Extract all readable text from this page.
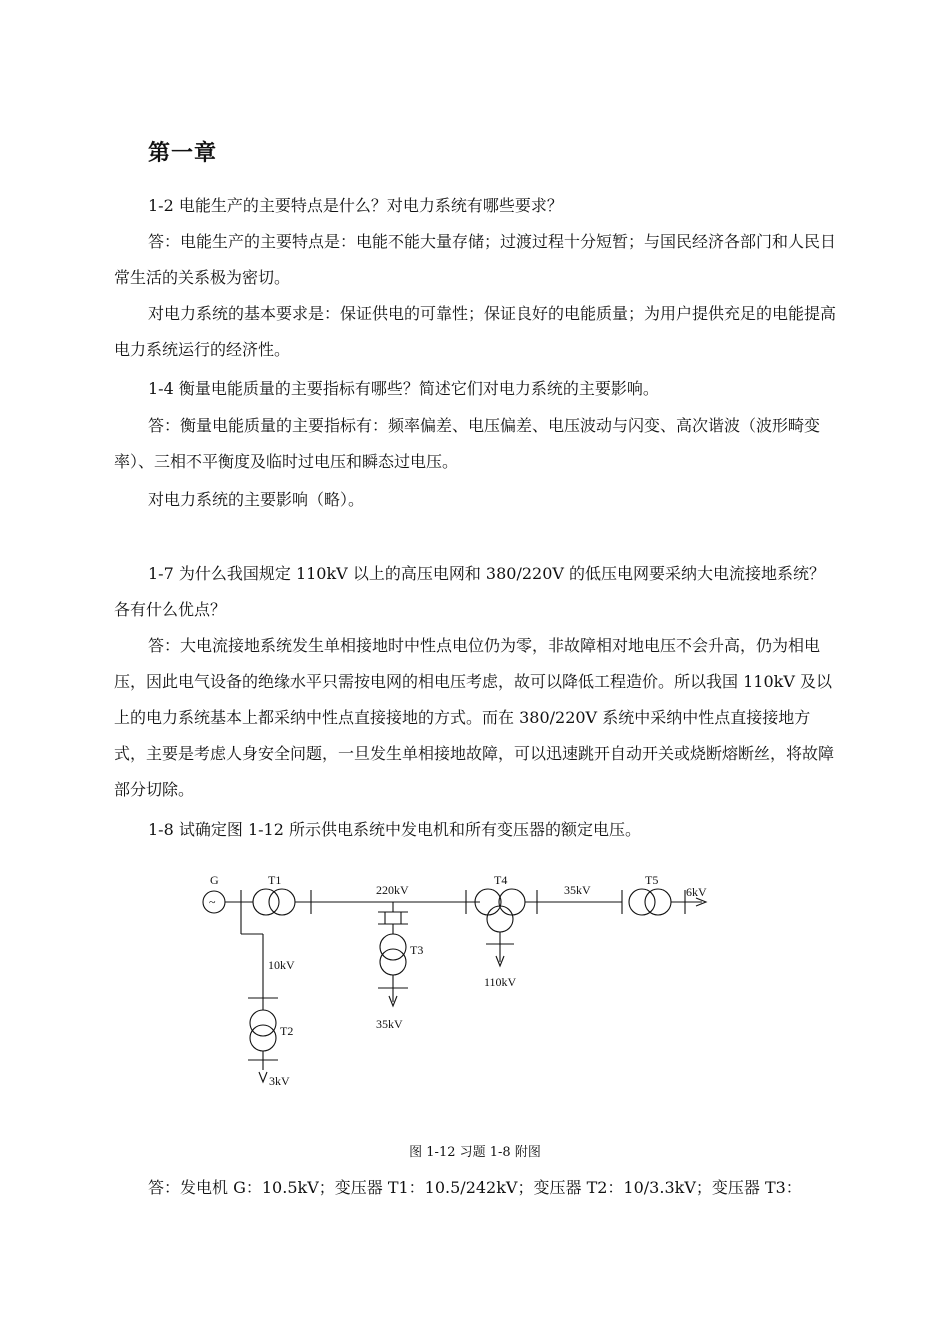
第一章

1-2 电能生产的主要特点是什么？对电力系统有哪些要求？

答：电能生产的主要特点是：电能不能大量存储；过渡过程十分短暂；与国民经济各部门和人民日常生活的关系极为密切。

对电力系统的基本要求是：保证供电的可靠性；保证良好的电能质量；为用户提供充足的电能提高电力系统运行的经济性。

1-4 衡量电能质量的主要指标有哪些？简述它们对电力系统的主要影响。

答：衡量电能质量的主要指标有：频率偏差、电压偏差、电压波动与闪变、高次谐波（波形畸变率）、三相不平衡度及临时过电压和瞬态过电压。

对电力系统的主要影响（略）。

1-7 为什么我国规定 110kV 以上的高压电网和 380/220V 的低压电网要采纳大电流接地系统？各有什么优点？

答：大电流接地系统发生单相接地时中性点电位仍为零，非故障相对地电压不会升高，仍为相电压，因此电气设备的绝缘水平只需按电网的相电压考虑，故可以降低工程造价。所以我国 110kV 及以上的电力系统基本上都采纳中性点直接接地的方式。而在 380/220V 系统中采纳中性点直接接地方式，主要是考虑人身安全问题，一旦发生单相接地故障，可以迅速跳开自动开关或烧断熔断丝，将故障部分切除。

1-8 试确定图 1-12 所示供电系统中发电机和所有变压器的额定电压。

G
~
T1
220kV
T3
35kV
T4
110kV
35kV
T5
6kV
10kV
T2
3kV
图 1-12 习题 1-8 附图

答：发电机 G：10.5kV；变压器 T1：10.5/242kV；变压器 T2：10/3.3kV；变压器 T3：
